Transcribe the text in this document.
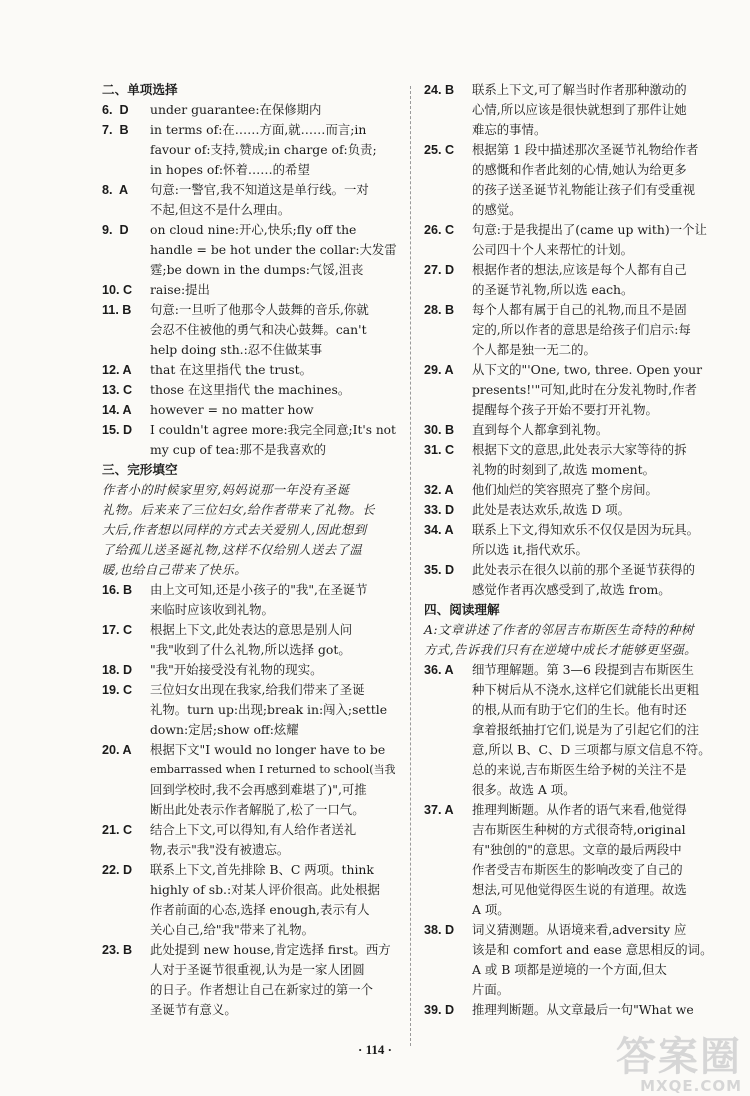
二、单项选择
6.  D	under guarantee:在保修期内
7.  B	in terms of:在……方面,就……而言;in
favour of:支持,赞成;in charge of:负责;
in hopes of:怀着……的希望
8.  A	句意:一警官,我不知道这是单行线。一对
不起,但这不是什么理由。
9.  D	on cloud nine:开心,快乐;fly off the
handle = be hot under the collar:大发雷
霆;be down in the dumps:气馁,沮丧
10. C	raise:提出
11. B	句意:一旦听了他那令人鼓舞的音乐,你就
会忍不住被他的勇气和决心鼓舞。can't
help doing sth.:忍不住做某事
12. A	that 在这里指代 the trust。
13. C	those 在这里指代 the machines。
14. A	however = no matter how
15. D	I couldn't agree more:我完全同意;It's not
my cup of tea:那不是我喜欢的
三、完形填空
作者小的时候家里穷,妈妈说那一年没有圣诞
礼物。后来来了三位妇女,给作者带来了礼物。长
大后,作者想以同样的方式去关爱别人,因此想到
了给孤儿送圣诞礼物,这样不仅给别人送去了温
暖,也给自己带来了快乐。
16. B	由上文可知,还是小孩子的"我",在圣诞节
来临时应该收到礼物。
17. C	根据上下文,此处表达的意思是别人问
"我"收到了什么礼物,所以选择 got。
18. D	"我"开始接受没有礼物的现实。
19. C	三位妇女出现在我家,给我们带来了圣诞
礼物。turn up:出现;break in:闯入;settle
down:定居;show off:炫耀
20. A	根据下文"I would no longer have to be
embarrassed when I returned to school(当我
回到学校时,我不会再感到难堪了)",可推
断出此处表示作者解脱了,松了一口气。
21. C	结合上下文,可以得知,有人给作者送礼
物,表示"我"没有被遗忘。
22. D	联系上下文,首先排除 B、C 两项。think
highly of sb.:对某人评价很高。此处根据
作者前面的心态,选择 enough,表示有人
关心自己,给"我"带来了礼物。
23. B	此处提到 new house,肯定选择 first。西方
人对于圣诞节很重视,认为是一家人团圆
的日子。作者想让自己在新家过的第一个
圣诞节有意义。
24. B	联系上下文,可了解当时作者那种激动的
心情,所以应该是很快就想到了那件让她
难忘的事情。
25. C	根据第 1 段中描述那次圣诞节礼物给作者
的感慨和作者此刻的心情,她认为给更多
的孩子送圣诞节礼物能让孩子们有受重视
的感觉。
26. C	句意:于是我提出了(came up with)一个让
公司四十个人来帮忙的计划。
27. D	根据作者的想法,应该是每个人都有自己
的圣诞节礼物,所以选 each。
28. B	每个人都有属于自己的礼物,而且不是固
定的,所以作者的意思是给孩子们启示:每
个人都是独一无二的。
29. A	从下文的"'One, two, three. Open your
presents!'"可知,此时在分发礼物时,作者
提醒每个孩子开始不要打开礼物。
30. B	直到每个人都拿到礼物。
31. C	根据下文的意思,此处表示大家等待的拆
礼物的时刻到了,故选 moment。
32. A	他们灿烂的笑容照亮了整个房间。
33. D	此处是表达欢乐,故选 D 项。
34. A	联系上下文,得知欢乐不仅仅是因为玩具。
所以选 it,指代欢乐。
35. D	此处表示在很久以前的那个圣诞节获得的
感觉作者再次感受到了,故选 from。
四、阅读理解
A:文章讲述了作者的邻居吉布斯医生奇特的种树
方式,告诉我们只有在逆境中成长才能够更坚强。
36. A	细节理解题。第 3—6 段提到吉布斯医生
种下树后从不浇水,这样它们就能长出更粗
的根,从而有助于它们的生长。他有时还
拿着报纸抽打它们,说是为了引起它们的注
意,所以 B、C、D 三项都与原文信息不符。
总的来说,吉布斯医生给予树的关注不是
很多。故选 A 项。
37. A	推理判断题。从作者的语气来看,他觉得
吉布斯医生种树的方式很奇特,original
有"独创的"的意思。文章的最后两段中
作者受吉布斯医生的影响改变了自己的
想法,可见他觉得医生说的有道理。故选
A 项。
38. D	词义猜测题。从语境来看,adversity 应
该是和 comfort and ease 意思相反的词。
A 或 B 项都是逆境的一个方面,但太
片面。
39. D	推理判断题。从文章最后一句"What we
· 114 ·	答案圈
MXQE.COM
